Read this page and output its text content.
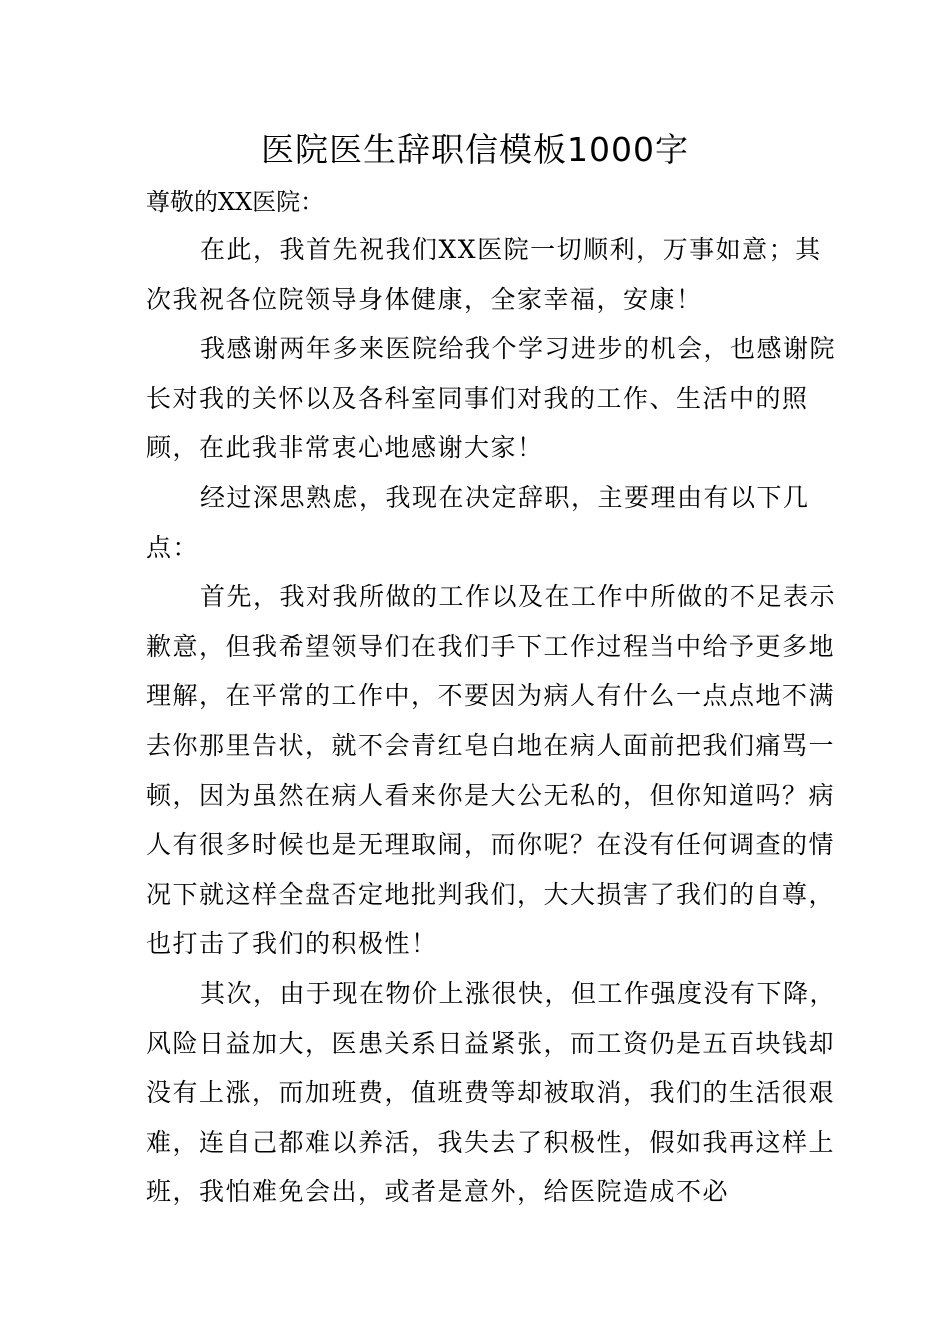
医院医生辞职信模板1000字
尊敬的XX医院：

在此，我首先祝我们XX医院一切顺利，万事如意；其次我祝各位院领导身体健康，全家幸福，安康！

我感谢两年多来医院给我个学习进步的机会，也感谢院长对我的关怀以及各科室同事们对我的工作、生活中的照顾，在此我非常衷心地感谢大家！

经过深思熟虑，我现在决定辞职，主要理由有以下几点：

首先，我对我所做的工作以及在工作中所做的不足表示歉意，但我希望领导们在我们手下工作过程当中给予更多地理解，在平常的工作中，不要因为病人有什么一点点地不满去你那里告状，就不会青红皂白地在病人面前把我们痛骂一顿，因为虽然在病人看来你是大公无私的，但你知道吗？病人有很多时候也是无理取闹，而你呢？在没有任何调查的情况下就这样全盘否定地批判我们，大大损害了我们的自尊，也打击了我们的积极性！

其次，由于现在物价上涨很快，但工作强度没有下降，风险日益加大，医患关系日益紧张，而工资仍是五百块钱却没有上涨，而加班费，值班费等却被取消，我们的生活很艰难，连自己都难以养活，我失去了积极性，假如我再这样上班，我怕难免会出，或者是意外，给医院造成不必
